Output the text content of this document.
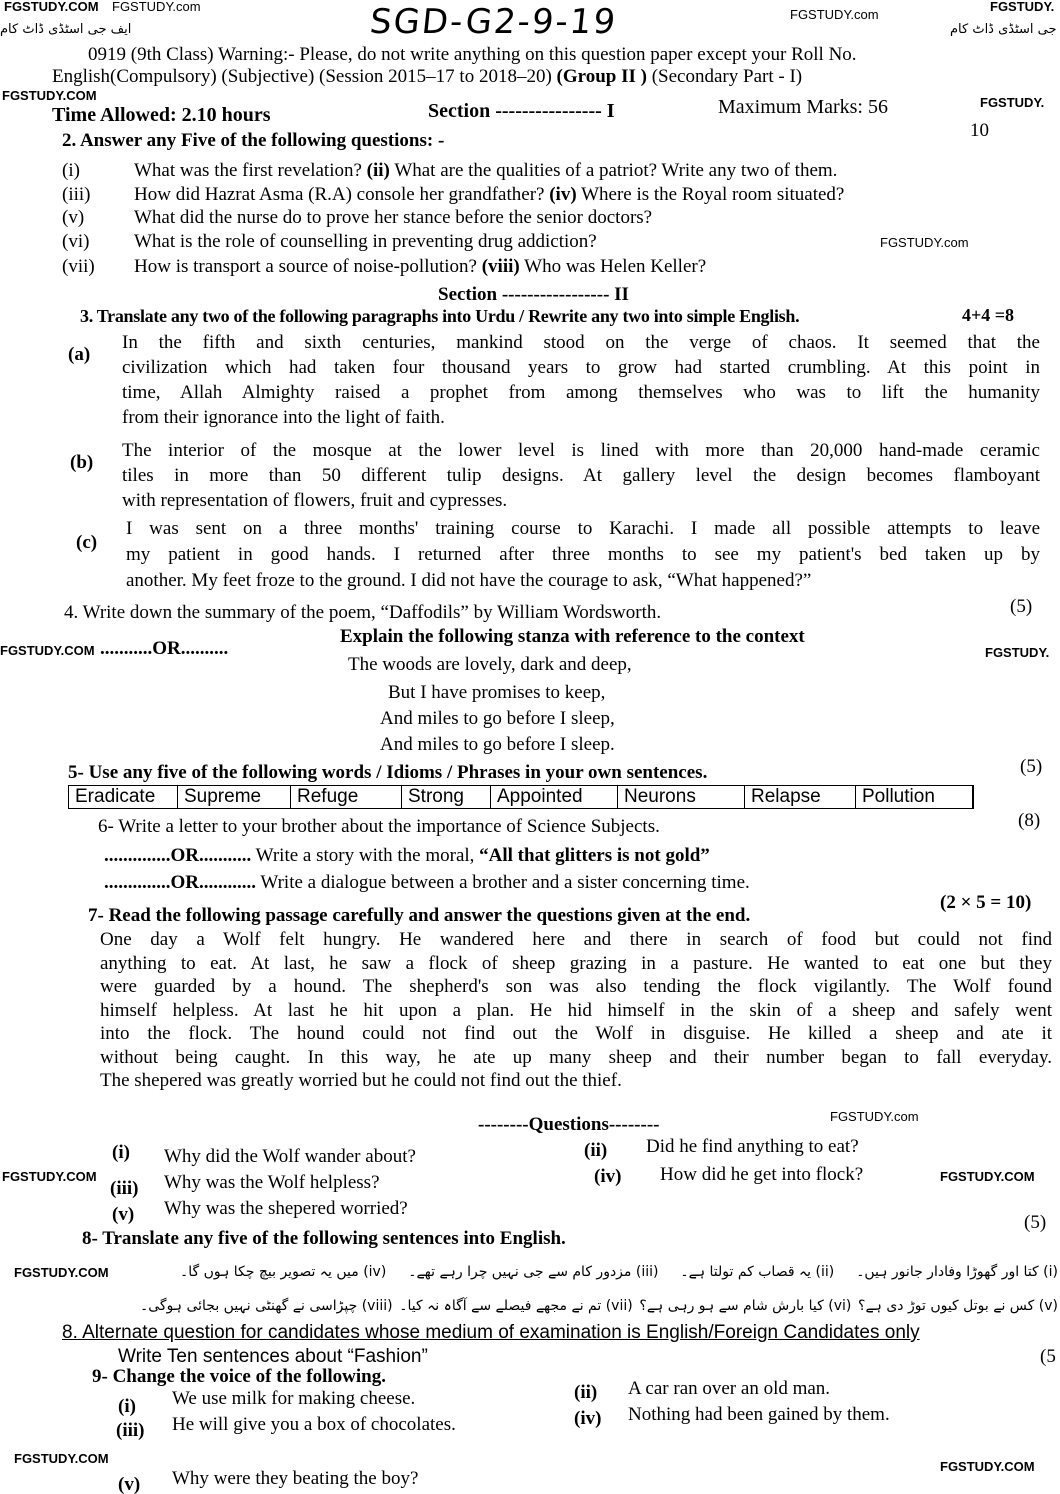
FGSTUDY.COM FGSTUDY.com
FGSTUDY.com
FGSTUDY.
ایف جی اسٹڈی ڈاٹ کام	جی اسٹڈی ڈاٹ کام
SGD-G2-9-19
0919 (9th Class) Warning:- Please, do not write anything on this question paper except your Roll No.
FGSTUDY.COM
English(Compulsory) (Subjective) (Session 2015–17 to 2018–20) (Group II ) (Secondary Part - I)
Time Allowed: 2.10 hours	Section ---------------- I	Maximum Marks: 56	FGSTUDY.
2. Answer any Five of the following questions: -	10
(i)	What was the first revelation? (ii) What are the qualities of a patriot? Write any two of them.
(iii) How did Hazrat Asma (R.A) console her grandfather? (iv) Where is the Royal room situated?
(v)	What did the nurse do to prove her stance before the senior doctors?
(vi) What is the role of counselling in preventing drug addiction?	FGSTUDY.com
(vii) How is transport a source of noise-pollution? (viii) Who was Helen Keller?
Section ----------------- II
3. Translate any two of the following paragraphs into Urdu / Rewrite any two into simple English.	4+4 =8
(a)
In the fifth and sixth centuries, mankind stood on the verge of chaos. It seemed that the
civilization which had taken four thousand years to grow had started crumbling. At this point in
time, Allah Almighty raised a prophet from among themselves who was to lift the humanity
from their ignorance into the light of faith.
(b)
The interior of the mosque at the lower level is lined with more than 20,000 hand-made ceramic
tiles in more than 50 different tulip designs. At gallery level the design becomes flamboyant
with representation of flowers, fruit and cypresses.
(c)
I was sent on a three months' training course to Karachi. I made all possible attempts to leave
my patient in good hands. I returned after three months to see my patient's bed taken up by
another. My feet froze to the ground. I did not have the courage to ask, “What happened?”
4. Write down the summary of the poem, “Daffodils” by William Wordsworth.	(5)
FGSTUDY.COM ...........OR..........
Explain the following stanza with reference to the context
FGSTUDY.
The woods are lovely, dark and deep,
But I have promises to keep,
And miles to go before I sleep,
And miles to go before I sleep.
5- Use any five of the following words / Idioms / Phrases in your own sentences.	(5)
Eradicate	Supreme	Refuge	Strong	Appointed	Neurons	Relapse	Pollution
6- Write a letter to your brother about the importance of Science Subjects.	(8)
..............OR........... Write a story with the moral, “All that glitters is not gold”
..............OR............ Write a dialogue between a brother and a sister concerning time.
7- Read the following passage carefully and answer the questions given at the end.
(2 × 5 = 10)
One day a Wolf felt hungry. He wandered here and there in search of food but could not find
anything to eat. At last, he saw a flock of sheep grazing in a pasture. He wanted to eat one but they
were guarded by a hound. The shepherd's son was also tending the flock vigilantly. The Wolf found
himself helpless. At last he hit upon a plan. He hid himself in the skin of a sheep and safely went
into the flock. The hound could not find out the Wolf in disguise. He killed a sheep and ate it
without being caught. In this way, he ate up many sheep and their number began to fall everyday.
The shepered was greatly worried but he could not find out the thief.
FGSTUDY.com
--------Questions--------
(i) Why did the Wolf wander about?	(ii) Did he find anything to eat?
FGSTUDY.COM
(iii) Why was the Wolf helpless?	(iv) How did he get into flock?	FGSTUDY.COM
(v) Why was the shepered worried?
8- Translate any five of the following sentences into English.
(5)
FGSTUDY.COM	(i) کتا اور گھوڑا وفادار جانور ہیں۔
(ii) یہ قصاب کم تولتا ہے۔
(iii) مزدور کام سے جی نہیں چرا رہے تھے۔
(iv) میں یہ تصویر بیچ چکا ہوں گا۔
(v) کس نے بوتل کیوں توڑ دی ہے؟
(vi) کیا بارش شام سے ہو رہی ہے؟
(vii) تم نے مجھے فیصلے سے آگاہ نہ کیا۔
(viii) چپڑاسی نے گھنٹی نہیں بجائی ہوگی۔
8. Alternate question for candidates whose medium of examination is English/Foreign Candidates only
Write Ten sentences about “Fashion”	(5
9- Change the voice of the following.
(i) We use milk for making cheese.	(ii) A car ran over an old man.
(iii) He will give you a box of chocolates.	(iv) Nothing had been gained by them.
FGSTUDY.COM
FGSTUDY.COM
(v) Why were they beating the boy?
